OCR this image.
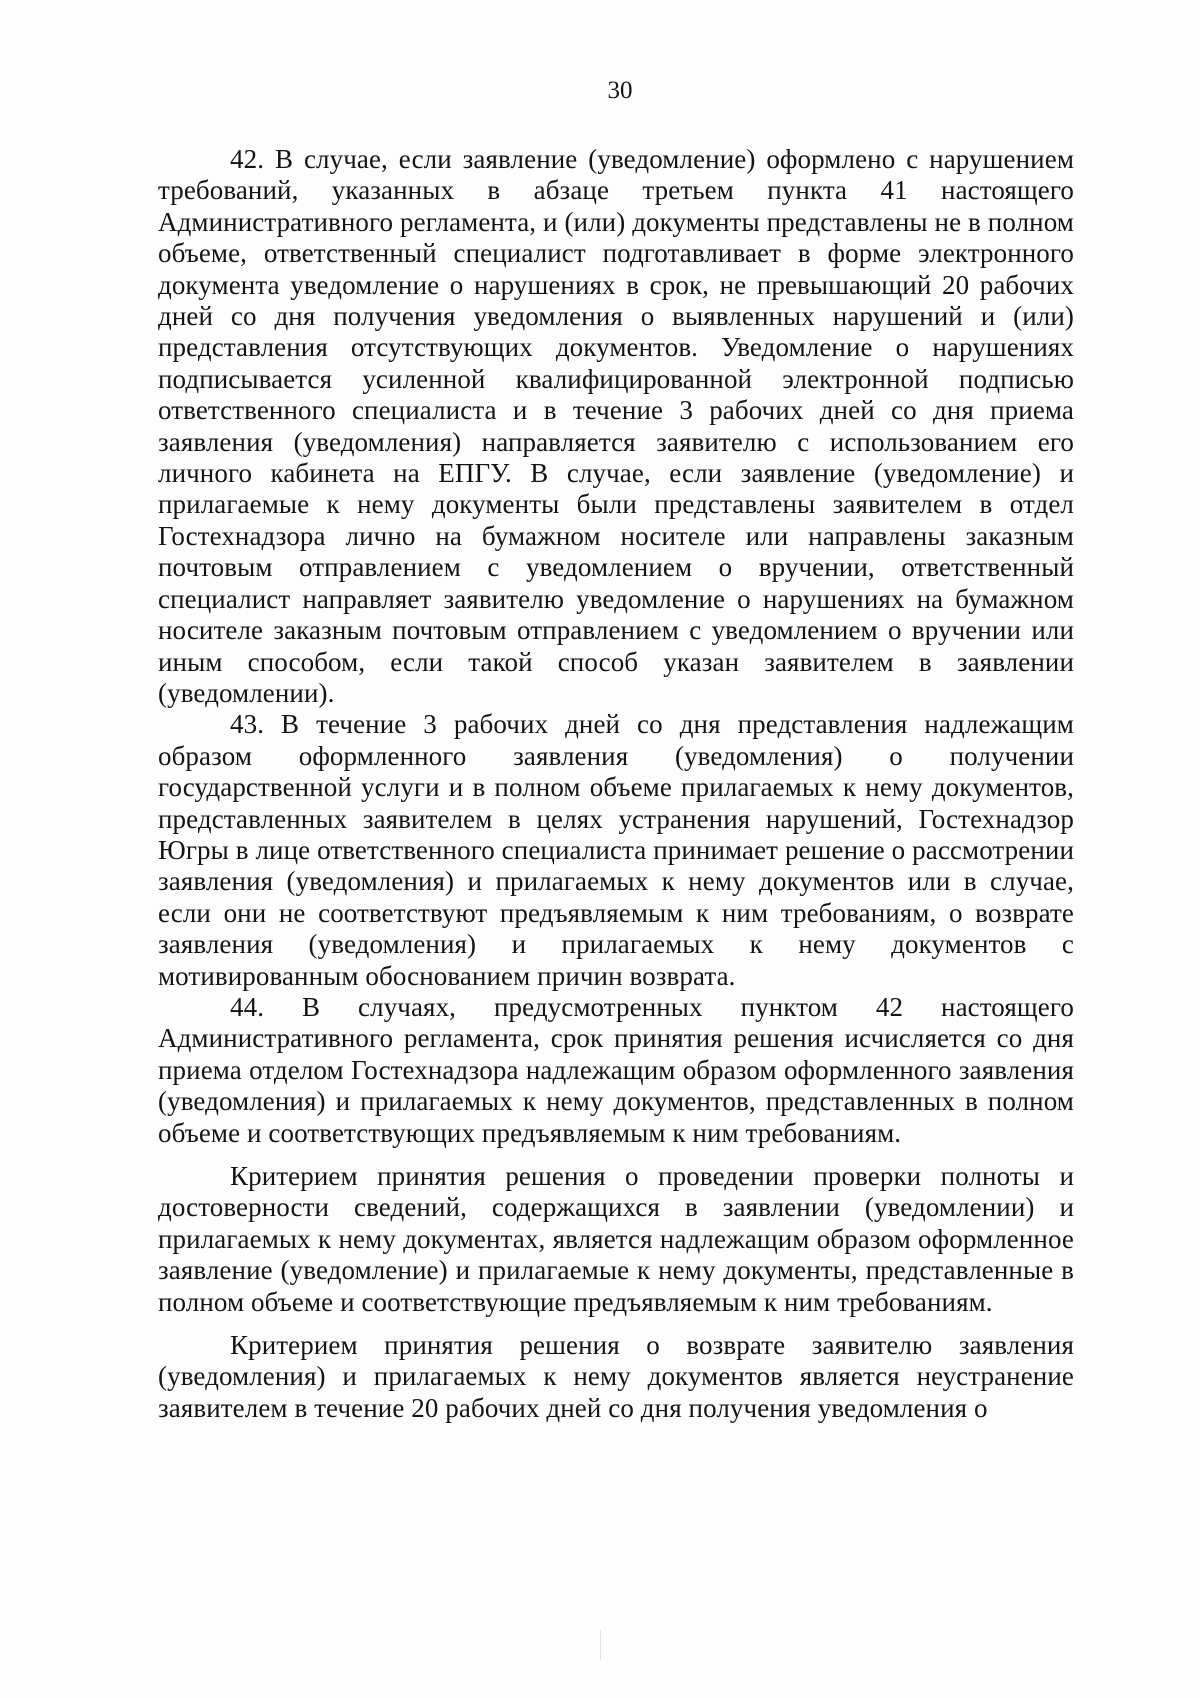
30

42. В случае, если заявление (уведомление) оформлено с нарушением требований, указанных в абзаце третьем пункта 41 настоящего Административного регламента, и (или) документы представлены не в полном объеме, ответственный специалист подготавливает в форме электронного документа уведомление о нарушениях в срок, не превышающий 20 рабочих дней со дня получения уведомления о выявленных нарушений и (или) представления отсутствующих документов. Уведомление о нарушениях подписывается усиленной квалифицированной электронной подписью ответственного специалиста и в течение 3 рабочих дней со дня приема заявления (уведомления) направляется заявителю с использованием его личного кабинета на ЕПГУ. В случае, если заявление (уведомление) и прилагаемые к нему документы были представлены заявителем в отдел Гостехнадзора лично на бумажном носителе или направлены заказным почтовым отправлением с уведомлением о вручении, ответственный специалист направляет заявителю уведомление о нарушениях на бумажном носителе заказным почтовым отправлением с уведомлением о вручении или иным способом, если такой способ указан заявителем в заявлении (уведомлении).

43. В течение 3 рабочих дней со дня представления надлежащим образом оформленного заявления (уведомления) о получении государственной услуги и в полном объеме прилагаемых к нему документов, представленных заявителем в целях устранения нарушений, Гостехнадзор Югры в лице ответственного специалиста принимает решение о рассмотрении заявления (уведомления) и прилагаемых к нему документов или в случае, если они не соответствуют предъявляемым к ним требованиям, о возврате заявления (уведомления) и прилагаемых к нему документов с мотивированным обоснованием причин возврата.

44. В случаях, предусмотренных пунктом 42 настоящего Административного регламента, срок принятия решения исчисляется со дня приема отделом Гостехнадзора надлежащим образом оформленного заявления (уведомления) и прилагаемых к нему документов, представленных в полном объеме и соответствующих предъявляемым к ним требованиям.

Критерием принятия решения о проведении проверки полноты и достоверности сведений, содержащихся в заявлении (уведомлении) и прилагаемых к нему документах, является надлежащим образом оформленное заявление (уведомление) и прилагаемые к нему документы, представленные в полном объеме и соответствующие предъявляемым к ним требованиям.

Критерием принятия решения о возврате заявителю заявления (уведомления) и прилагаемых к нему документов является неустранение заявителем в течение 20 рабочих дней со дня получения уведомления о
